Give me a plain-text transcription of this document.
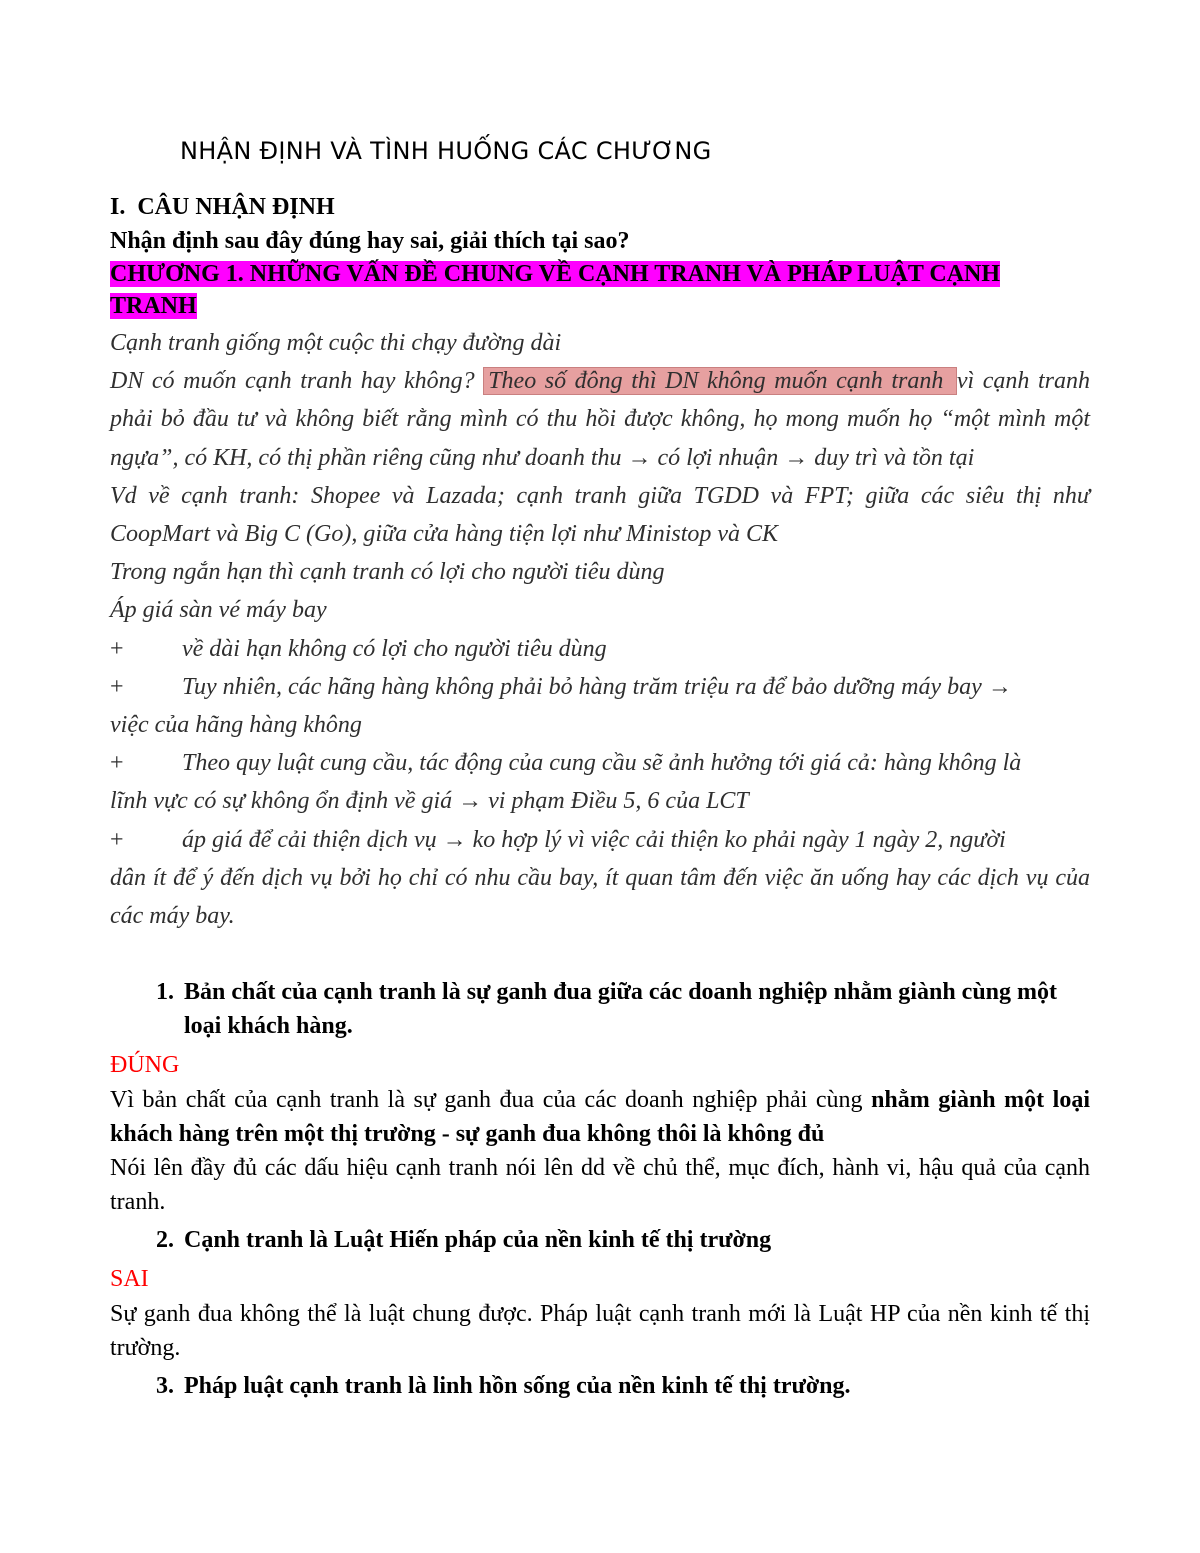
NHẬN ĐỊNH VÀ TÌNH HUỐNG CÁC CHƯƠNG
I.  CÂU NHẬN ĐỊNH
Nhận định sau đây đúng hay sai, giải thích tại sao?
CHƯƠNG 1. NHỮNG VẤN ĐỀ CHUNG VỀ CẠNH TRANH VÀ PHÁP LUẬT CẠNH TRANH

Cạnh tranh giống một cuộc thi chạy đường dài

DN có muốn cạnh tranh hay không? Theo số đông thì DN không muốn cạnh tranh vì cạnh tranh phải bỏ đầu tư và không biết rằng mình có thu hồi được không, họ mong muốn họ “một mình một ngựa”, có KH, có thị phần riêng cũng như doanh thu → có lợi nhuận → duy trì và tồn tại

Vd về cạnh tranh: Shopee và Lazada; cạnh tranh giữa TGDD và FPT; giữa các siêu thị như CoopMart và Big C (Go), giữa cửa hàng tiện lợi như Ministop và CK

Trong ngắn hạn thì cạnh tranh có lợi cho người tiêu dùng

Áp giá sàn vé máy bay

+	về dài hạn không có lợi cho người tiêu dùng
+	Tuy nhiên, các hãng hàng không phải bỏ hàng trăm triệu ra để bảo dưỡng máy bay →

việc của hãng hàng không

+	Theo quy luật cung cầu, tác động của cung cầu sẽ ảnh hưởng tới giá cả: hàng không là

lĩnh vực có sự không ổn định về giá → vi phạm Điều 5, 6 của LCT

+	áp giá để cải thiện dịch vụ → ko hợp lý vì việc cải thiện ko phải ngày 1 ngày 2, người

dân ít để ý đến dịch vụ bởi họ chỉ có nhu cầu bay, ít quan tâm đến việc ăn uống hay các dịch vụ của các máy bay.

1. Bản chất của cạnh tranh là sự ganh đua giữa các doanh nghiệp nhằm giành cùng một loại khách hàng.
ĐÚNG

Vì bản chất của cạnh tranh là sự ganh đua của các doanh nghiệp phải cùng nhằm giành một loại khách hàng trên một thị trường - sự ganh đua không thôi là không đủ

Nói lên đầy đủ các dấu hiệu cạnh tranh nói lên dd về chủ thể, mục đích, hành vi, hậu quả của cạnh tranh.

2. Cạnh tranh là Luật Hiến pháp của nền kinh tế thị trường
SAI

Sự ganh đua không thể là luật chung được. Pháp luật cạnh tranh mới là Luật HP của nền kinh tế thị trường.

3. Pháp luật cạnh tranh là linh hồn sống của nền kinh tế thị trường.
